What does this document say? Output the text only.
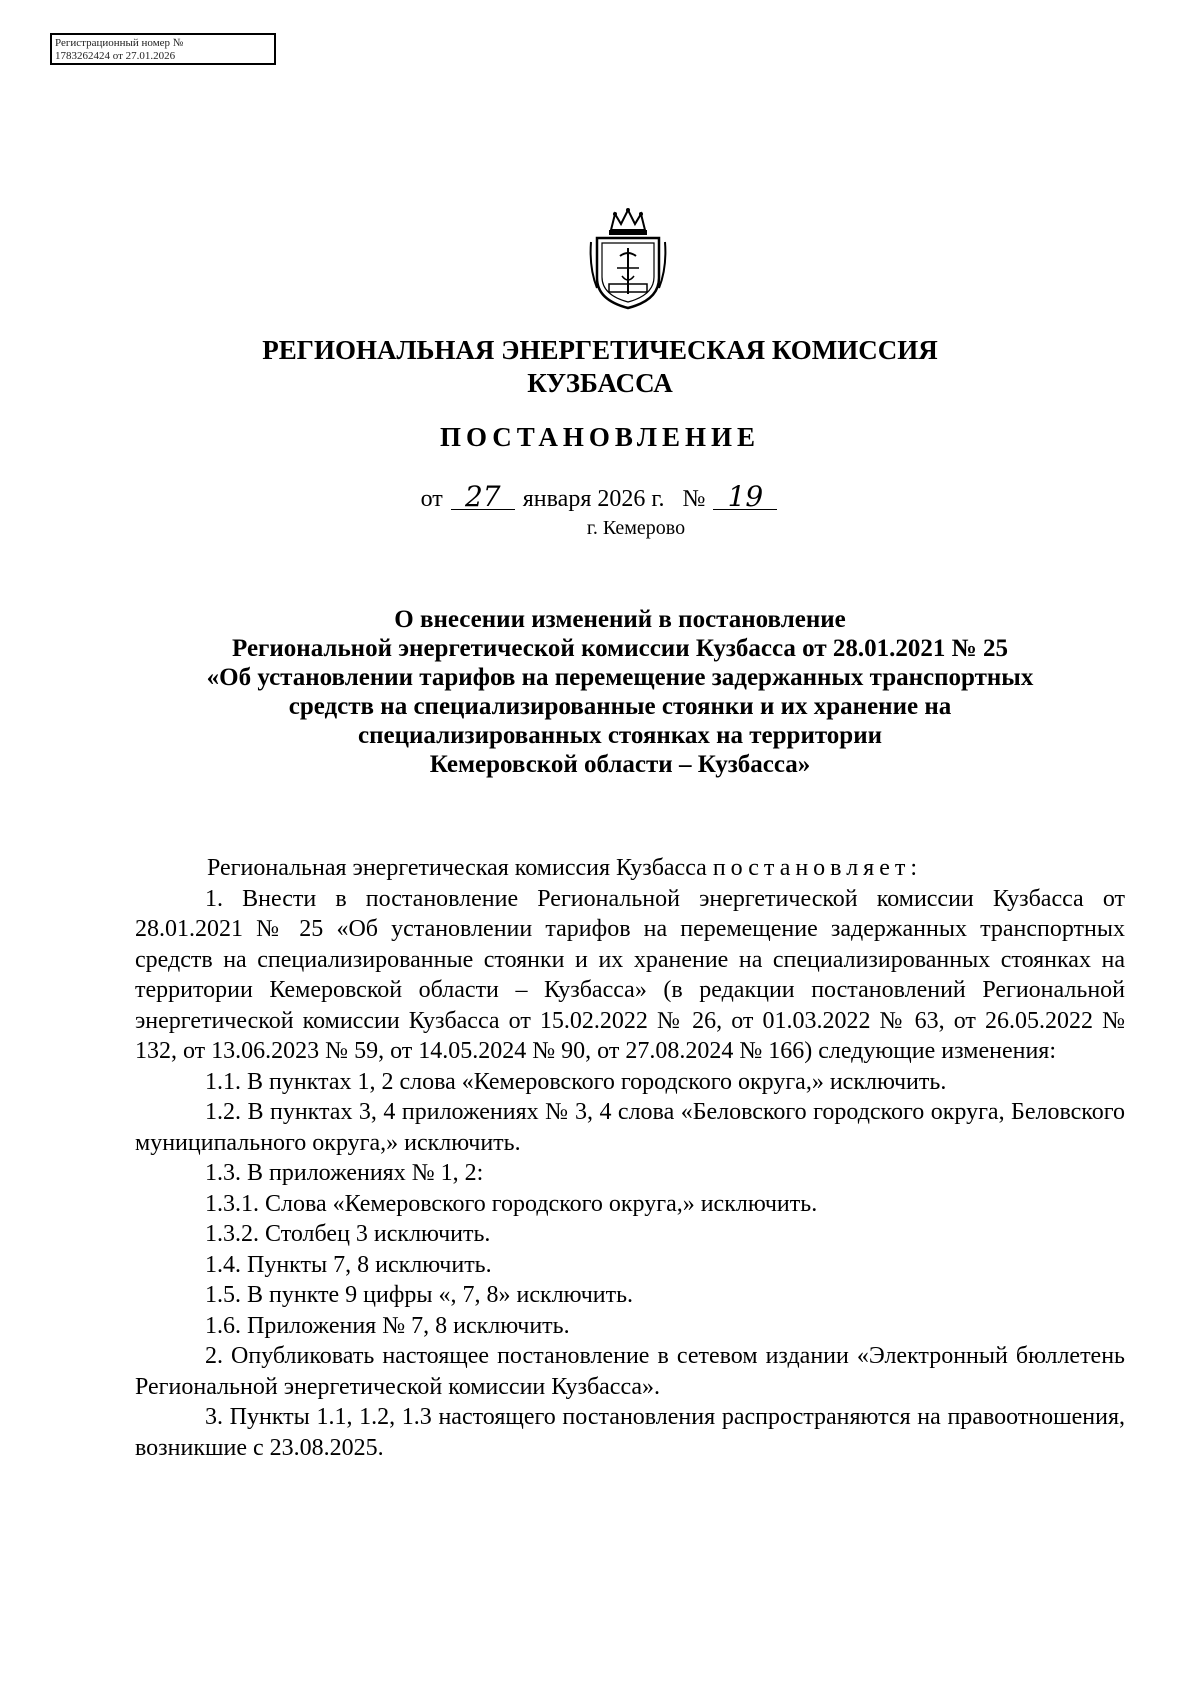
Регистрационный номер №
1783262424 от 27.01.2026
РЕГИОНАЛЬНАЯ ЭНЕРГЕТИЧЕСКАЯ КОМИССИЯ
КУЗБАССА
ПОСТАНОВЛЕНИЕ
от 27 января 2026 г. № 19
г. Кемерово
О внесении изменений в постановление
Региональной энергетической комиссии Кузбасса от 28.01.2021 № 25
«Об установлении тарифов на перемещение задержанных транспортных
средств на специализированные стоянки и их хранение на
специализированных стоянках на территории
Кемеровской области – Кузбасса»

Региональная энергетическая комиссия Кузбасса постановляет:

1. Внести в постановление Региональной энергетической комиссии Кузбасса от 28.01.2021 № 25 «Об установлении тарифов на перемещение задержанных транспортных средств на специализированные стоянки и их хранение на специализированных стоянках на территории Кемеровской области – Кузбасса» (в редакции постановлений Региональной энергетической комиссии Кузбасса от 15.02.2022 № 26, от 01.03.2022 № 63, от 26.05.2022 № 132, от 13.06.2023 № 59, от 14.05.2024 № 90, от 27.08.2024 № 166) следующие изменения:

1.1. В пунктах 1, 2 слова «Кемеровского городского округа,» исключить.

1.2. В пунктах 3, 4 приложениях № 3, 4 слова «Беловского городского округа, Беловского муниципального округа,» исключить.

1.3. В приложениях № 1, 2:

1.3.1. Слова «Кемеровского городского округа,» исключить.

1.3.2. Столбец 3 исключить.

1.4. Пункты 7, 8 исключить.

1.5. В пункте 9 цифры «, 7, 8» исключить.

1.6. Приложения № 7, 8 исключить.

2. Опубликовать настоящее постановление в сетевом издании «Электронный бюллетень Региональной энергетической комиссии Кузбасса».

3. Пункты 1.1, 1.2, 1.3 настоящего постановления распространяются на правоотношения, возникшие с 23.08.2025.
